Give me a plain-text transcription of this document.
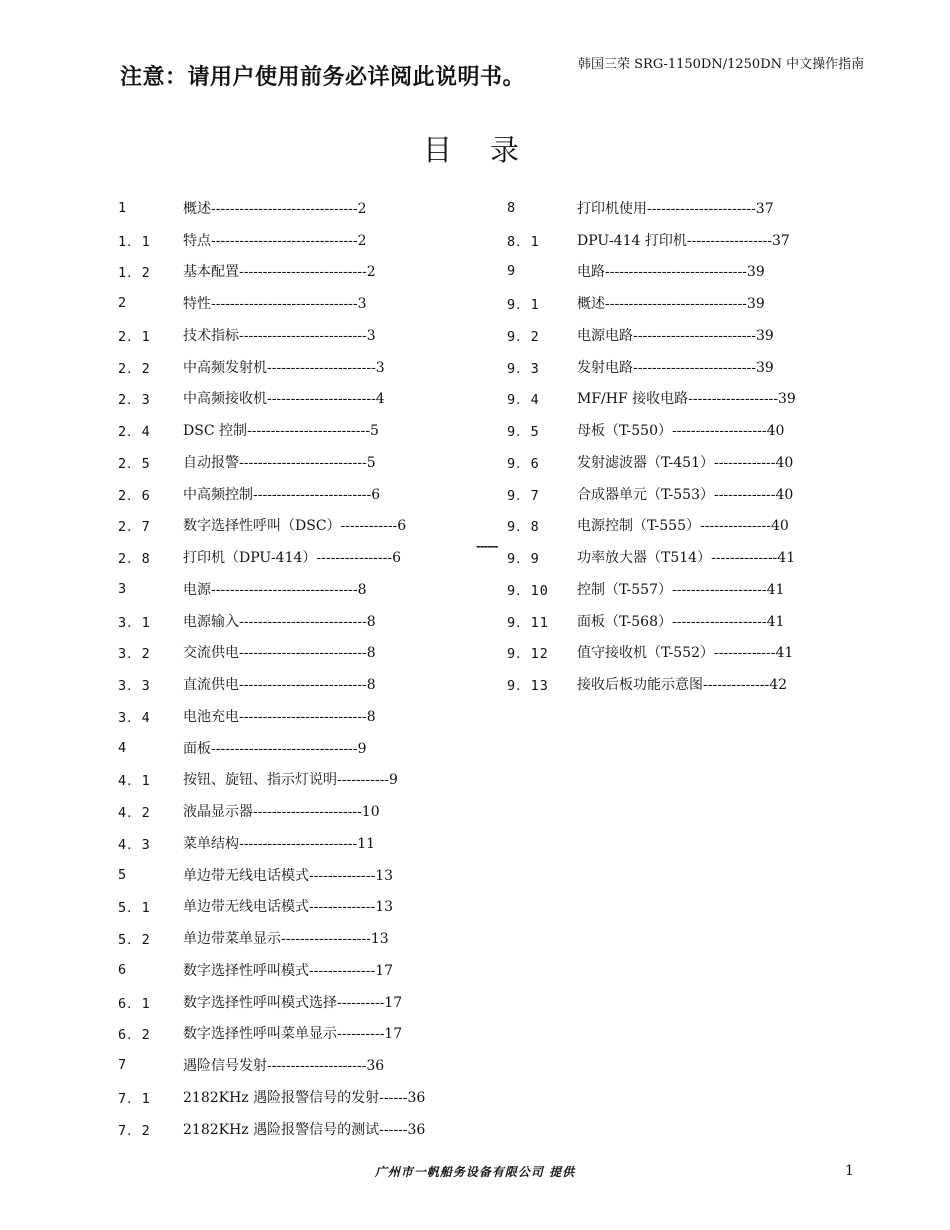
注意：请用户使用前务必详阅此说明书。
韩国三荣 SRG-1150DN/1250DN 中文操作指南
目录
1	概述-------------------------------2
1．1	特点-------------------------------2
1．2	基本配置---------------------------2
2	特性-------------------------------3
2．1	技术指标---------------------------3
2．2	中高频发射机-----------------------3
2．3	中高频接收机-----------------------4
2．4	DSC 控制--------------------------5
2．5	自动报警---------------------------5
2．6	中高频控制-------------------------6
2．7	数字选择性呼叫（DSC）------------6
2．8	打印机（DPU-414）----------------6
3	电源-------------------------------8
3．1	电源输入---------------------------8
3．2	交流供电---------------------------8
3．3	直流供电---------------------------8
3．4	电池充电---------------------------8
4	面板-------------------------------9
4．1	按钮、旋钮、指示灯说明-----------9
4．2	液晶显示器-----------------------10
4．3	菜单结构-------------------------11
5	单边带无线电话模式--------------13
5．1	单边带无线电话模式--------------13
5．2	单边带菜单显示-------------------13
6	数字选择性呼叫模式--------------17
6．1	数字选择性呼叫模式选择----------17
6．2	数字选择性呼叫菜单显示----------17
7	遇险信号发射---------------------36
7．1	2182KHz 遇险报警信号的发射------36
7．2	2182KHz 遇险报警信号的测试------36
8	打印机使用-----------------------37
8．1	DPU-414 打印机------------------37
9	电路------------------------------39
9．1	概述------------------------------39
9．2	电源电路--------------------------39
9．3	发射电路--------------------------39
9．4	MF/HF 接收电路-------------------39
9．5	母板（T-550）--------------------40
9．6	发射滤波器（T-451）-------------40
9．7	合成器单元（T-553）-------------40
9．8	电源控制（T-555）---------------40
9．9	功率放大器（T514）--------------41
9．10	控制（T-557）--------------------41
9．11	面板（T-568）--------------------41
9．12	值守接收机（T-552）-------------41
9．13	接收后板功能示意图--------------42
------
广州市一帆船务设备有限公司 提供	1
